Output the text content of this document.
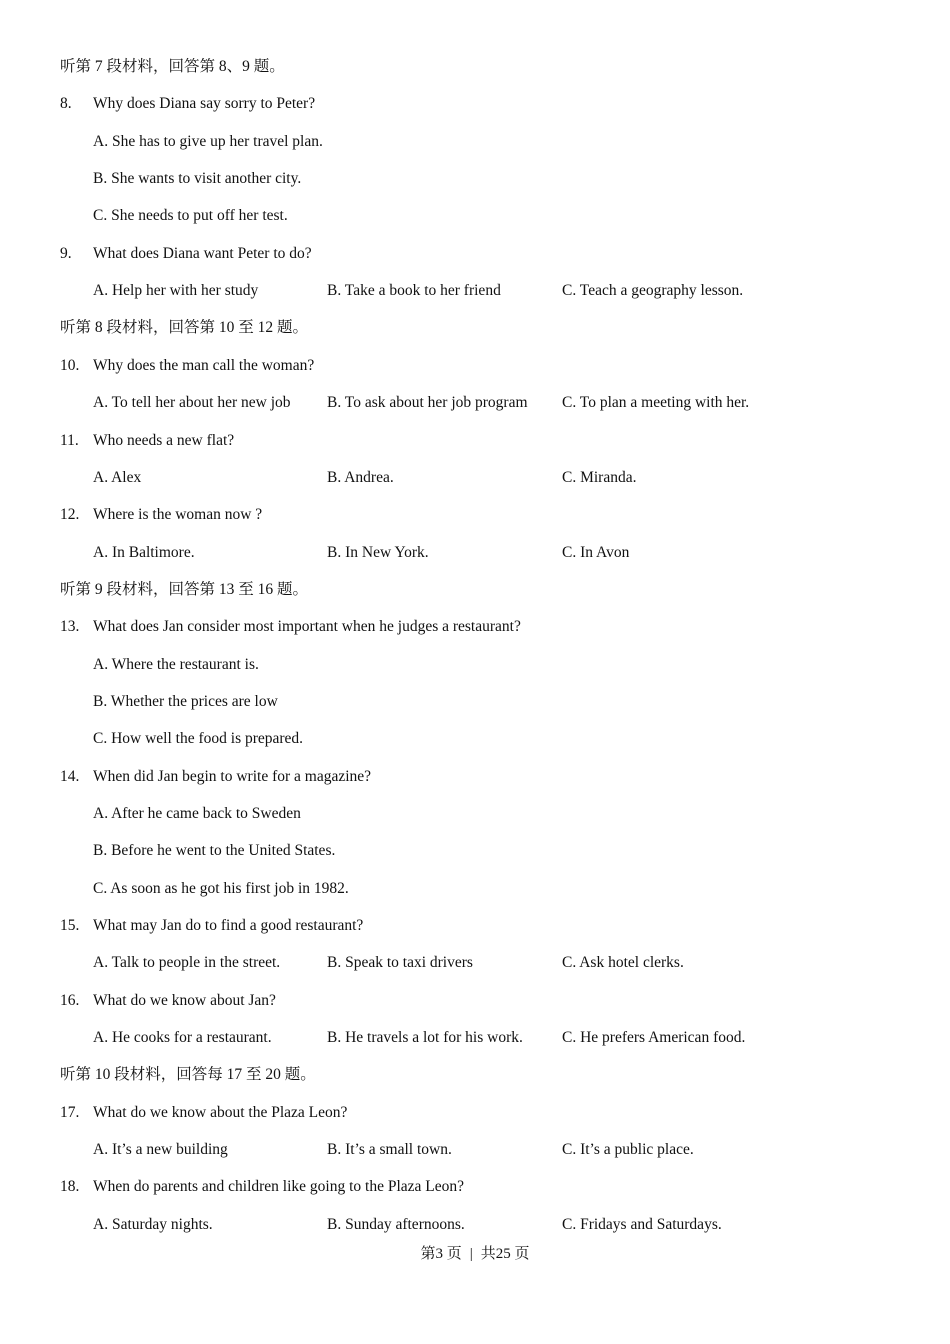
听第 7 段材料，回答第 8、9 题。
8. Why does Diana say sorry to Peter?
A. She has to give up her travel plan.
B. She wants to visit another city.
C. She needs to put off her test.
9. What does Diana want Peter to do?
A. Help her with her study	B. Take a book to her friend	C. Teach a geography lesson.
听第 8 段材料，回答第 10 至 12 题。
10. Why does the man call the woman?
A. To tell her about her new job B. To ask about her job program C. To plan a meeting with her.
11. Who needs a new flat?
A. Alex	B. Andrea.	C. Miranda.
12. Where is the woman now ?
A. In Baltimore.	B. In New York.	C. In Avon
听第 9 段材料，回答第 13 至 16 题。
13. What does Jan consider most important when he judges a restaurant?
A. Where the restaurant is.
B. Whether the prices are low
C. How well the food is prepared.
14. When did Jan begin to write for a magazine?
A. After he came back to Sweden
B. Before he went to the United States.
C. As soon as he got his first job in 1982.
15. What may Jan do to find a good restaurant?
A. Talk to people in the street.	B. Speak to taxi drivers	C. Ask hotel clerks.
16. What do we know about Jan?
A. He cooks for a restaurant.	B. He travels a lot for his work.	C. He prefers American food.
听第 10 段材料，回答每 17 至 20 题。
17. What do we know about the Plaza Leon?
A. It’s a new building	B. It’s a small town.	C. It’s a public place.
18. When do parents and children like going to the Plaza Leon?
A. Saturday nights.	B. Sunday afternoons.	C. Fridays and Saturdays.
第3 页 | 共25 页
